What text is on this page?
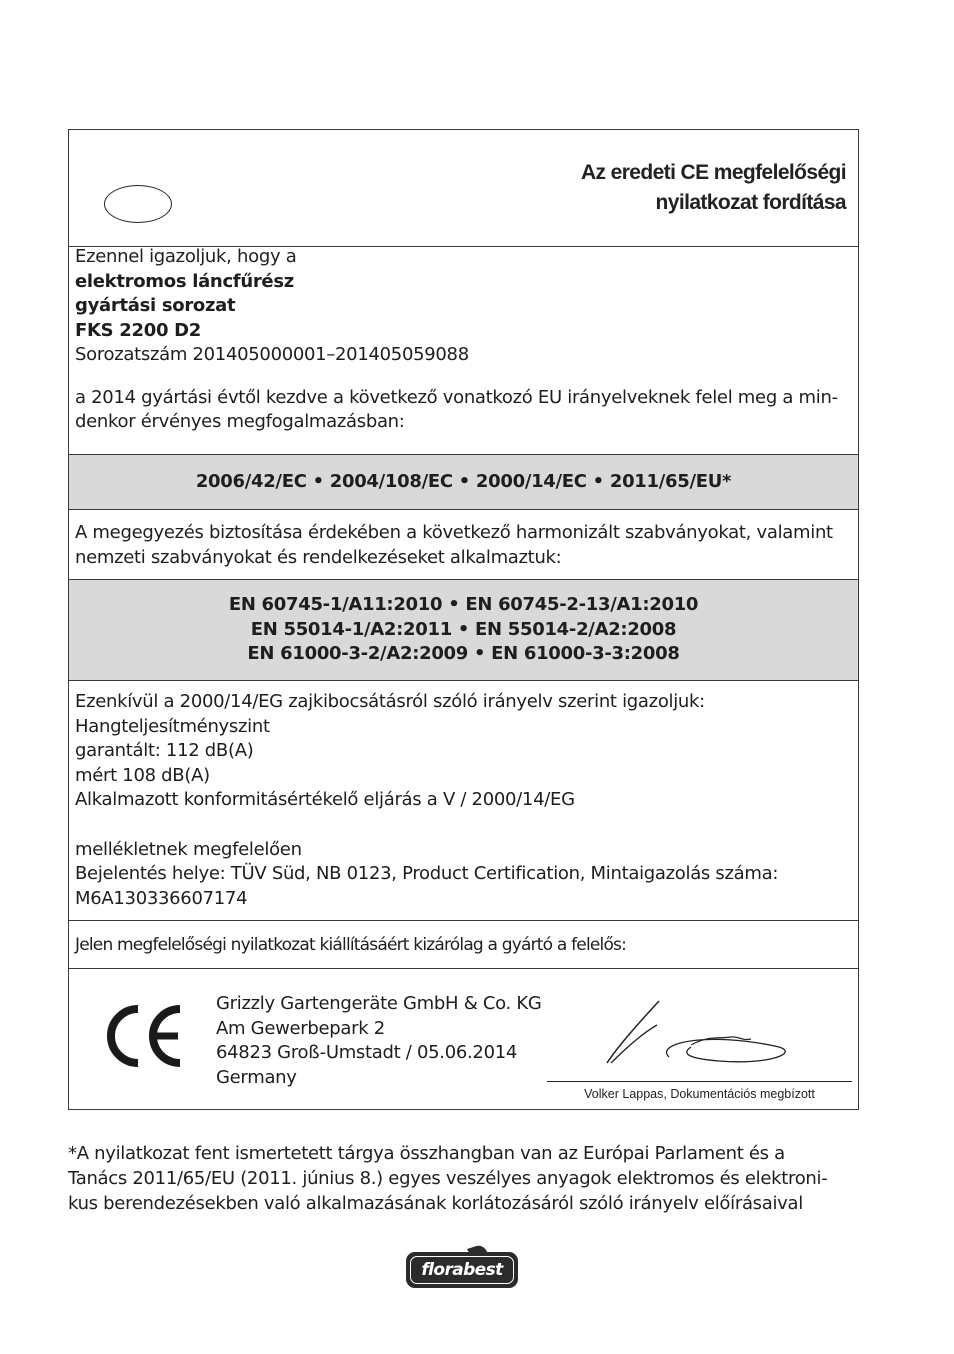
Az eredeti CE megfelelőségi
nyilatkozat fordítása
Ezennel igazoljuk, hogy a
elektromos láncfűrész
gyártási sorozat
FKS 2200 D2
Sorozatszám 201405000001–201405059088
a 2014 gyártási évtől kezdve a következő vonatkozó EU irányelveknek felel meg a min-
denkor érvényes megfogalmazásban:
2006/42/EC • 2004/108/EC • 2000/14/EC • 2011/65/EU*
A megegyezés biztosítása érdekében a következő harmonizált szabványokat, valamint
nemzeti szabványokat és rendelkezéseket alkalmaztuk:
EN 60745-1/A11:2010 • EN 60745-2-13/A1:2010
EN 55014-1/A2:2011 • EN 55014-2/A2:2008
EN 61000-3-2/A2:2009 • EN 61000-3-3:2008
Ezenkívül a 2000/14/EG zajkibocsátásról szóló irányelv szerint igazoljuk:
Hangteljesítményszint
garantált: 112 dB(A)
mért 108 dB(A)
Alkalmazott konformitásértékelő eljárás a V / 2000/14/EG
mellékletnek megfelelően
Bejelentés helye: TÜV Süd, NB 0123, Product Certification, Mintaigazolás száma:
M6A130336607174
Jelen megfelelőségi nyilatkozat kiállításáért kizárólag a gyártó a felelős:
Grizzly Gartengeräte GmbH & Co. KG
Am Gewerbepark 2
64823 Groß-Umstadt / 05.06.2014
Germany
Volker Lappas, Dokumentációs megbízott
*A nyilatkozat fent ismertetett tárgya összhangban van az Európai Parlament és a
Tanács 2011/65/EU (2011. június 8.) egyes veszélyes anyagok elektromos és elektroni-
kus berendezésekben való alkalmazásának korlátozásáról szóló irányelv előírásaival
florabest
